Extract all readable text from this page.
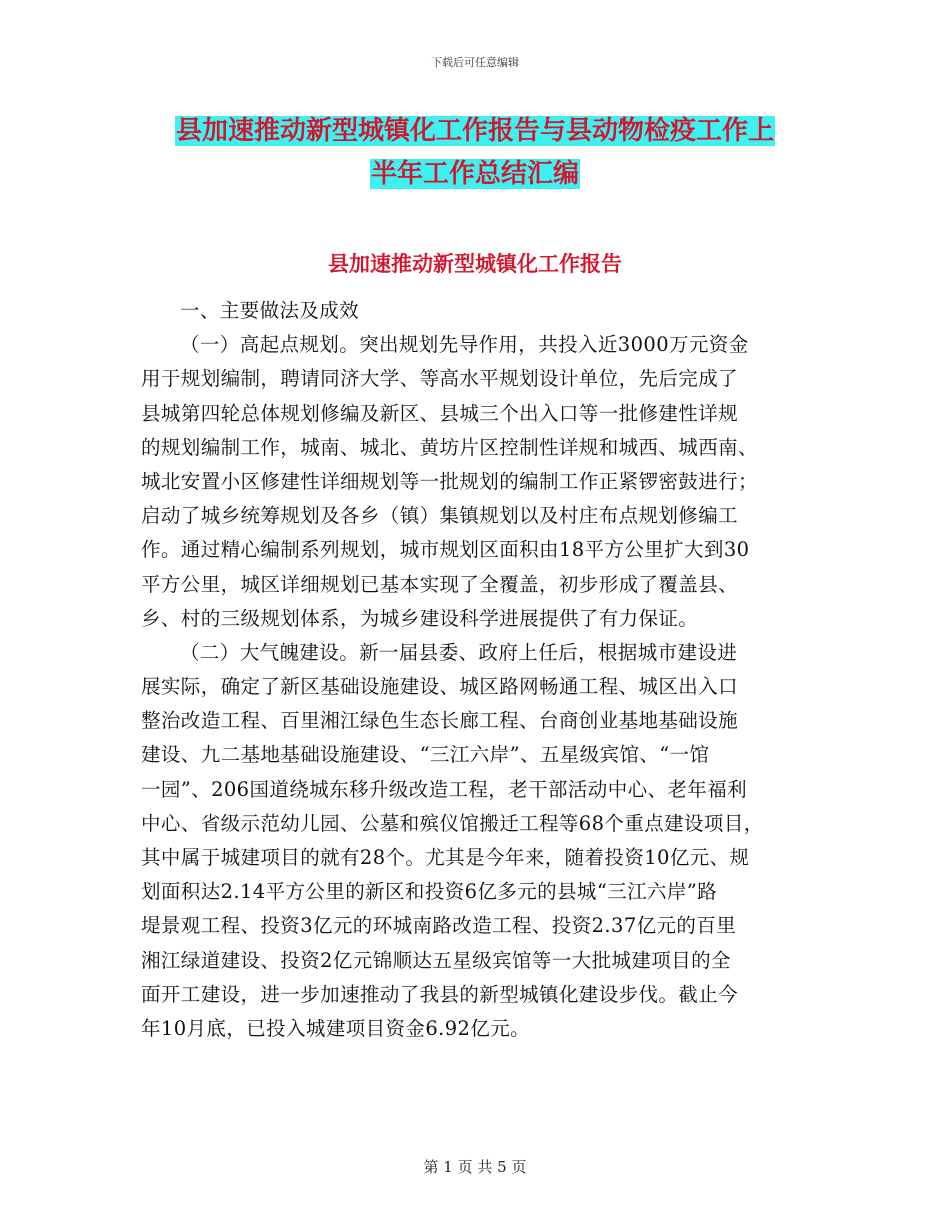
下载后可任意编辑
县加速推动新型城镇化工作报告与县动物检疫工作上
半年工作总结汇编
县加速推动新型城镇化工作报告
一、主要做法及成效
（一）高起点规划。突出规划先导作用，共投入近3000万元资金
用于规划编制，聘请同济大学、等高水平规划设计单位，先后完成了
县城第四轮总体规划修编及新区、县城三个出入口等一批修建性详规
的规划编制工作，城南、城北、黄坊片区控制性详规和城西、城西南、
城北安置小区修建性详细规划等一批规划的编制工作正紧锣密鼓进行；
启动了城乡统筹规划及各乡（镇）集镇规划以及村庄布点规划修编工
作。通过精心编制系列规划，城市规划区面积由18平方公里扩大到30
平方公里，城区详细规划已基本实现了全覆盖，初步形成了覆盖县、
乡、村的三级规划体系，为城乡建设科学进展提供了有力保证。
（二）大气魄建设。新一届县委、政府上任后，根据城市建设进
展实际，确定了新区基础设施建设、城区路网畅通工程、城区出入口
整治改造工程、百里湘江绿色生态长廊工程、台商创业基地基础设施
建设、九二基地基础设施建设、“三江六岸”、五星级宾馆、“一馆
一园”、206国道绕城东移升级改造工程，老干部活动中心、老年福利
中心、省级示范幼儿园、公墓和殡仪馆搬迁工程等68个重点建设项目，
其中属于城建项目的就有28个。尤其是今年来，随着投资10亿元、规
划面积达2.14平方公里的新区和投资6亿多元的县城“三江六岸”路
堤景观工程、投资3亿元的环城南路改造工程、投资2.37亿元的百里
湘江绿道建设、投资2亿元锦顺达五星级宾馆等一大批城建项目的全
面开工建设，进一步加速推动了我县的新型城镇化建设步伐。截止今
年10月底，已投入城建项目资金6.92亿元。
第 1 页 共 5 页
